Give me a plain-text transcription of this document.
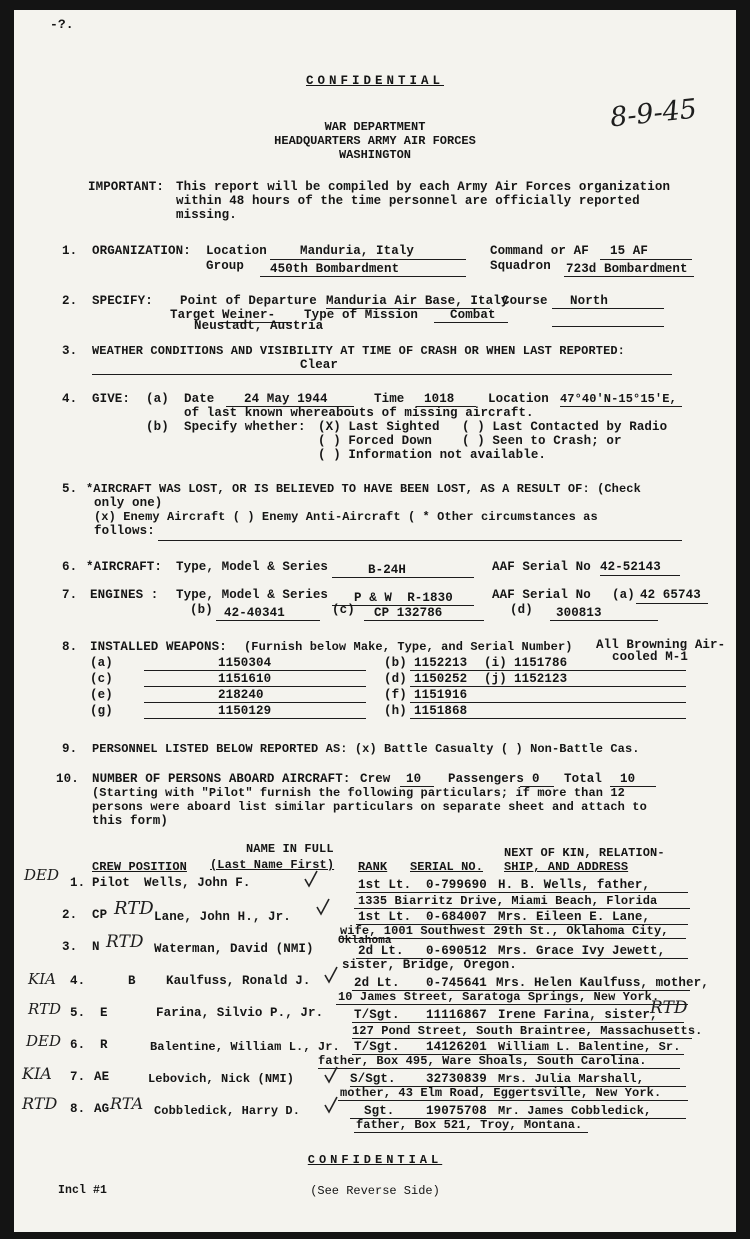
-?.
CONFIDENTIAL
WAR DEPARTMENT
HEADQUARTERS ARMY AIR FORCES
WASHINGTON
8-9-45
IMPORTANT: This report will be compiled by each Army Air Forces organization
within 48 hours of the time personnel are officially reported
missing.
1. ORGANIZATION: Location	Manduria, Italy	Command or AF 15 AF
Group 450th Bombardment	Squadron 723d Bombardment
2. SPECIFY: Point of Departure Manduria Air Base, Italy
Course North
Target Weiner-
Neustadt, Austria
Type of Mission	Combat
3. WEATHER CONDITIONS AND VISIBILITY AT TIME OF CRASH OR WHEN LAST REPORTED:
Clear
4. GIVE: (a) Date 24 May 1944	Time 1018	Location 47°40'N-15°15'E,
of last known whereabouts of missing aircraft.
(b) Specify whether: (X) Last Sighted ( ) Last Contacted by Radio
( ) Forced Down ( ) Seen to Crash; or
( ) Information not available.
5. *AIRCRAFT WAS LOST, OR IS BELIEVED TO HAVE BEEN LOST, AS A RESULT OF: (Check
only one)
(x) Enemy Aircraft ( ) Enemy Anti-Aircraft ( * Other circumstances as
follows:
6. *AIRCRAFT: Type, Model & Series	B-24H	AAF Serial No 42-52143
7. ENGINES : Type, Model & Series P & W  R-1830	AAF Serial No (a) 42 65743
(b) 42-40341	(c) CP 132786	(d) 300813
8. INSTALLED WEAPONS: (Furnish below Make, Type, and Serial Number) All Browning Air-
cooled M-1
(a)	1150304	(b) 1152213 (i) 1151786
(c)	1151610	(d) 1150252 (j) 1152123
(e)	218240	(f) 1151916
(g)	1150129	(h) 1151868
9. PERSONNEL LISTED BELOW REPORTED AS: (x) Battle Casualty ( ) Non-Battle Cas.
10. NUMBER OF PERSONS ABOARD AIRCRAFT: Crew 10 Passengers 0 Total 10
(Starting with "Pilot" furnish the following particulars; if more than 12
persons were aboard list similar particulars on separate sheet and attach to
this form)
NAME IN FULL	NEXT OF KIN, RELATION-
CREW POSITION (Last Name First) RANK SERIAL NO. SHIP, AND ADDRESS
DED 1. Pilot Wells, John F.	1st Lt. 0-799690 H. B. Wells, father,
1335 Biarritz Drive, Miami Beach, Florida
2. CP RTD Lane, John H., Jr.	1st Lt. 0-684007 Mrs. Eileen E. Lane,
wife, 1001 Southwest 29th St., Oklahoma City,
3. N RTD Waterman, David (NMI)
Oklahoma
2d Lt. 0-690512 Mrs. Grace Ivy Jewett,
sister, Bridge, Oregon.
KIA 4.	B Kaulfuss, Ronald J.	2d Lt. 0-745641 Mrs. Helen Kaulfuss, mother,
10 James Street, Saratoga Springs, New York.
RTD 5. E	Farina, Silvio P., Jr. T/Sgt. 11116867 Irene Farina, sister,
RTD
127 Pond Street, South Braintree, Massachusetts.
DED 6. R	Balentine, William L., Jr. T/Sgt. 14126201 William L. Balentine, Sr.
father, Box 495, Ware Shoals, South Carolina.
KIA 7. AE	Lebovich, Nick (NMI)	S/Sgt. 32730839 Mrs. Julia Marshall,
mother, 43 Elm Road, Eggertsville, New York.
RTD 8. AG RTA Cobbledick, Harry D.	Sgt.	19075708 Mr. James Cobbledick,
father, Box 521, Troy, Montana.
CONFIDENTIAL
Incl #1	(See Reverse Side)
